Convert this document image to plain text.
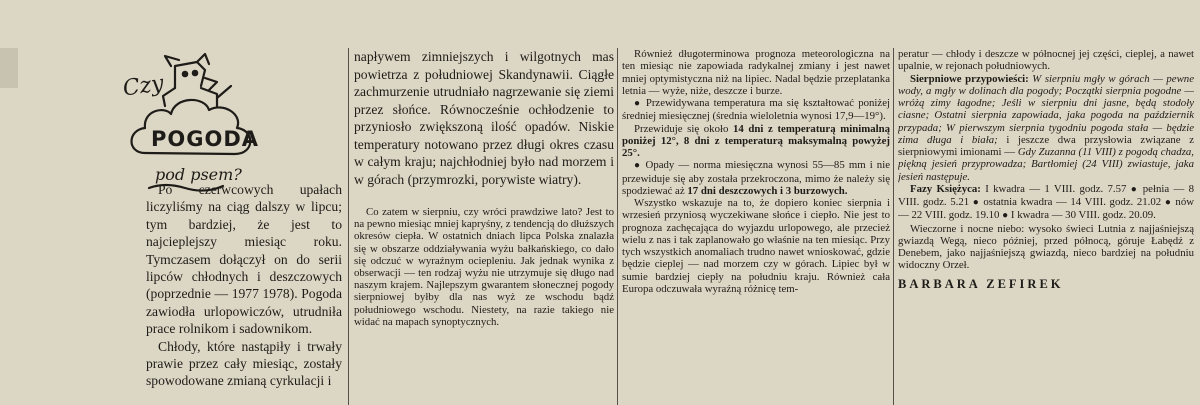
Czy
POGODA
pod psem?

Po czerwcowych upałach liczyliśmy na ciąg dalszy w lipcu; tym bardziej, że jest to najcieplejszy miesiąc roku. Tymczasem dołączył on do serii lipców chłodnych i deszczowych (poprzednie — 1977 1978). Pogoda zawiodła urlopowiczów, utrudniła prace rolnikom i sadownikom.

Chłody, które nastąpiły i trwały prawie przez cały miesiąc, zostały spowodowane zmianą cyrkulacji i

napływem zimniejszych i wilgotnych mas powietrza z południowej Skandynawii. Ciągłe zachmurzenie utrudniało nagrzewanie się ziemi przez słońce. Równocześnie ochłodzenie to przyniosło zwiększoną ilość opadów. Niskie temperatury notowano przez długi okres czasu w całym kraju; najchłodniej było nad morzem i w górach (przymrozki, porywiste wiatry).

Co zatem w sierpniu, czy wróci prawdziwe lato? Jest to na pewno miesiąc mniej kapryśny, z tendencją do dłuższych okresów ciepła. W ostatnich dniach lipca Polska znalazła się w obszarze oddziaływania wyżu bałkańskiego, co dało się odczuć w wyraźnym ociepleniu. Jak jednak wynika z obserwacji — ten rodzaj wyżu nie utrzymuje się długo nad naszym krajem. Najlepszym gwarantem słonecznej pogody sierpniowej byłby dla nas wyż ze wschodu bądź południowego wschodu. Niestety, na razie takiego nie widać na mapach synoptycznych.

Również długoterminowa prognoza meteorologiczna na ten miesiąc nie zapowiada radykalnej zmiany i jest nawet mniej optymistyczna niż na lipiec. Nadal będzie przeplatanka letnia — wyże, niże, deszcze i burze.

● Przewidywana temperatura ma się kształtować poniżej średniej miesięcznej (średnia wieloletnia wynosi 17,9—19°).

Przewiduje się około 14 dni z temperaturą minimalną poniżej 12°, 8 dni z temperaturą maksymalną powyżej 25°.

● Opady — norma miesięczna wynosi 55—85 mm i nie przewiduje się aby została przekroczona, mimo że należy się spodziewać aż 17 dni deszczowych i 3 burzowych.

Wszystko wskazuje na to, że dopiero koniec sierpnia i wrzesień przyniosą wyczekiwane słońce i ciepło. Nie jest to prognoza zachęcająca do wyjazdu urlopowego, ale przecież wielu z nas i tak zaplanowało go właśnie na ten miesiąc. Przy tych wszystkich anomaliach trudno nawet wnioskować, gdzie będzie cieplej — nad morzem czy w górach. Lipiec był w sumie bardziej ciepły na południu kraju. Również cała Europa odczuwała wyraźną różnicę tem-

peratur — chłody i deszcze w północnej jej części, cieplej, a nawet upalnie, w rejonach południowych.

Sierpniowe przypowieści: W sierpniu mgły w górach — pewne wody, a mgły w dolinach dla pogody; Początki sierpnia pogodne — wróżą zimy łagodne; Jeśli w sierpniu dni jasne, będą stodoły ciasne; Ostatni sierpnia zapowiada, jaka pogoda na październik przypada; W pierwszym sierpnia tygodniu pogoda stała — będzie zima długa i biała; i jeszcze dwa przysłowia związane z sierpniowymi imionami — Gdy Zuzanna (11 VIII) z pogodą chadza, piękną jesień przyprowadza; Bartłomiej (24 VIII) zwiastuje, jaka jesień następuje.

Fazy Księżyca: I kwadra — 1 VIII. godz. 7.57 ● pełnia — 8 VIII. godz. 5.21 ● ostatnia kwadra — 14 VIII. godz. 21.02 ● nów — 22 VIII. godz. 19.10 ● I kwadra — 30 VIII. godz. 20.09.

Wieczorne i nocne niebo: wysoko świeci Lutnia z najjaśniejszą gwiazdą Wegą, nieco później, przed północą, góruje Łabędź z Denebem, jako najjaśniejszą gwiazdą, nieco bardziej na południu widoczny Orzeł.

BARBARA ZEFIREK
